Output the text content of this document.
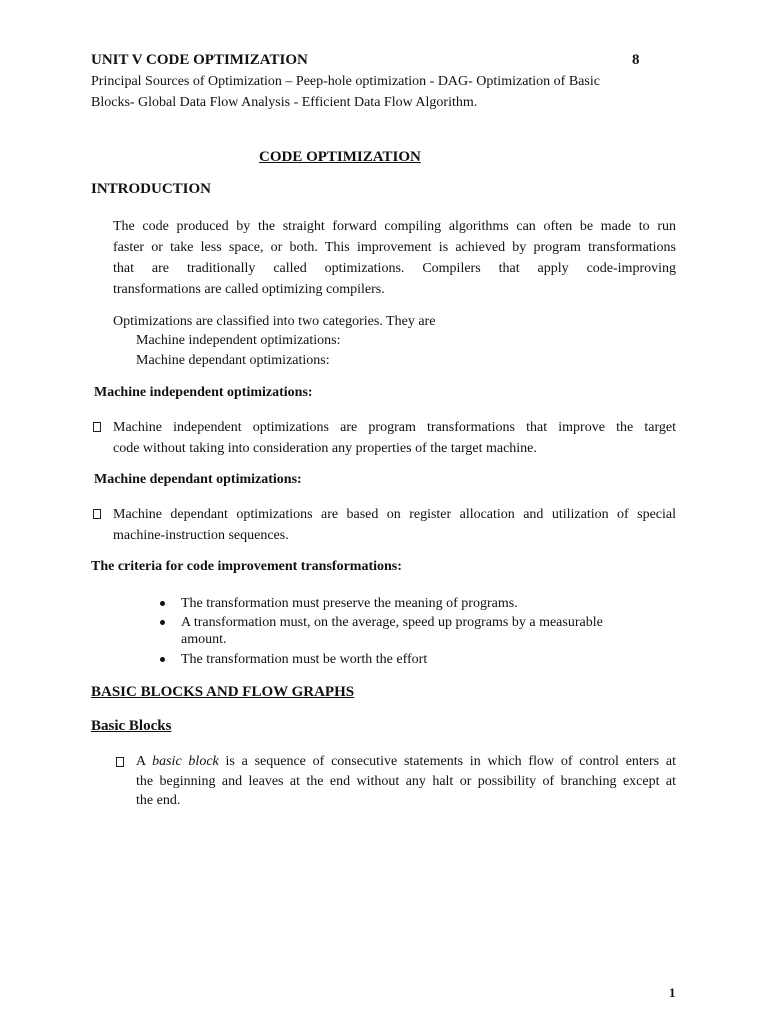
UNIT V CODE OPTIMIZATION	8
Principal Sources of Optimization – Peep-hole optimization - DAG- Optimization of Basic
Blocks- Global Data Flow Analysis - Efficient Data Flow Algorithm.
CODE OPTIMIZATION
INTRODUCTION
The code produced by the straight forward compiling algorithms can often be made to run
faster or take less space, or both. This improvement is achieved by program transformations
that are traditionally called optimizations. Compilers that apply code-improving
transformations are called optimizing compilers.
Optimizations are classified into two categories. They are
Machine independent optimizations:
Machine dependant optimizations:
Machine independent optimizations:
Machine independent optimizations are program transformations that improve the target
code without taking into consideration any properties of the target machine.
Machine dependant optimizations:
Machine dependant optimizations are based on register allocation and utilization of special
machine-instruction sequences.
The criteria for code improvement transformations:
The transformation must preserve the meaning of programs.
A transformation must, on the average, speed up programs by a measurable
amount.
The transformation must be worth the effort
BASIC BLOCKS AND FLOW GRAPHS
Basic Blocks
A basic block is a sequence of consecutive statements in which flow of control enters at
the beginning and leaves at the end without any halt or possibility of branching except at
the end.
1
